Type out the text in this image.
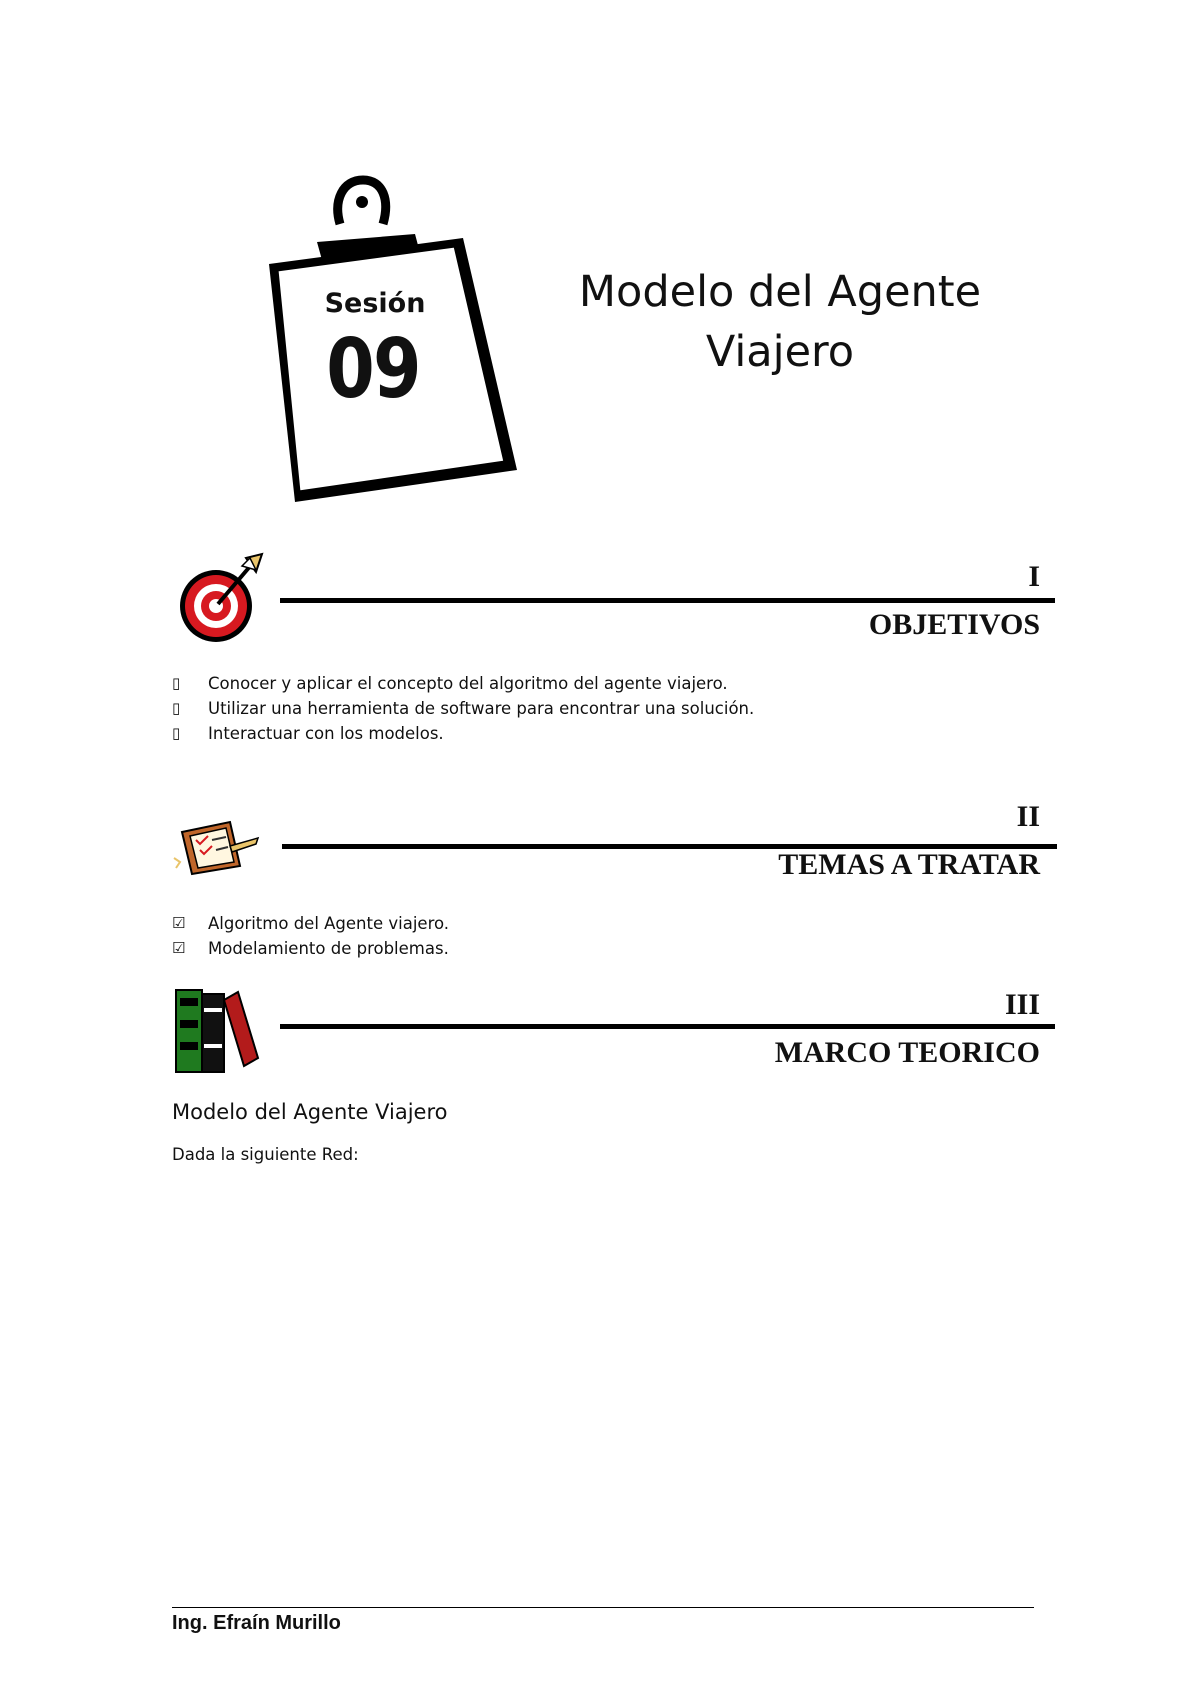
Sesión
09
Modelo del Agente
Viajero
I
OBJETIVOS
▯	Conocer y aplicar el concepto del algoritmo del agente viajero.
▯	Utilizar una herramienta de software para encontrar una solución.
▯	Interactuar con los modelos.
II
TEMAS A TRATAR
☑ Algoritmo del Agente viajero.
☑ Modelamiento de problemas.
III
MARCO TEORICO
Modelo del Agente Viajero
Dada la siguiente Red:
Ing. Efraín Murillo
